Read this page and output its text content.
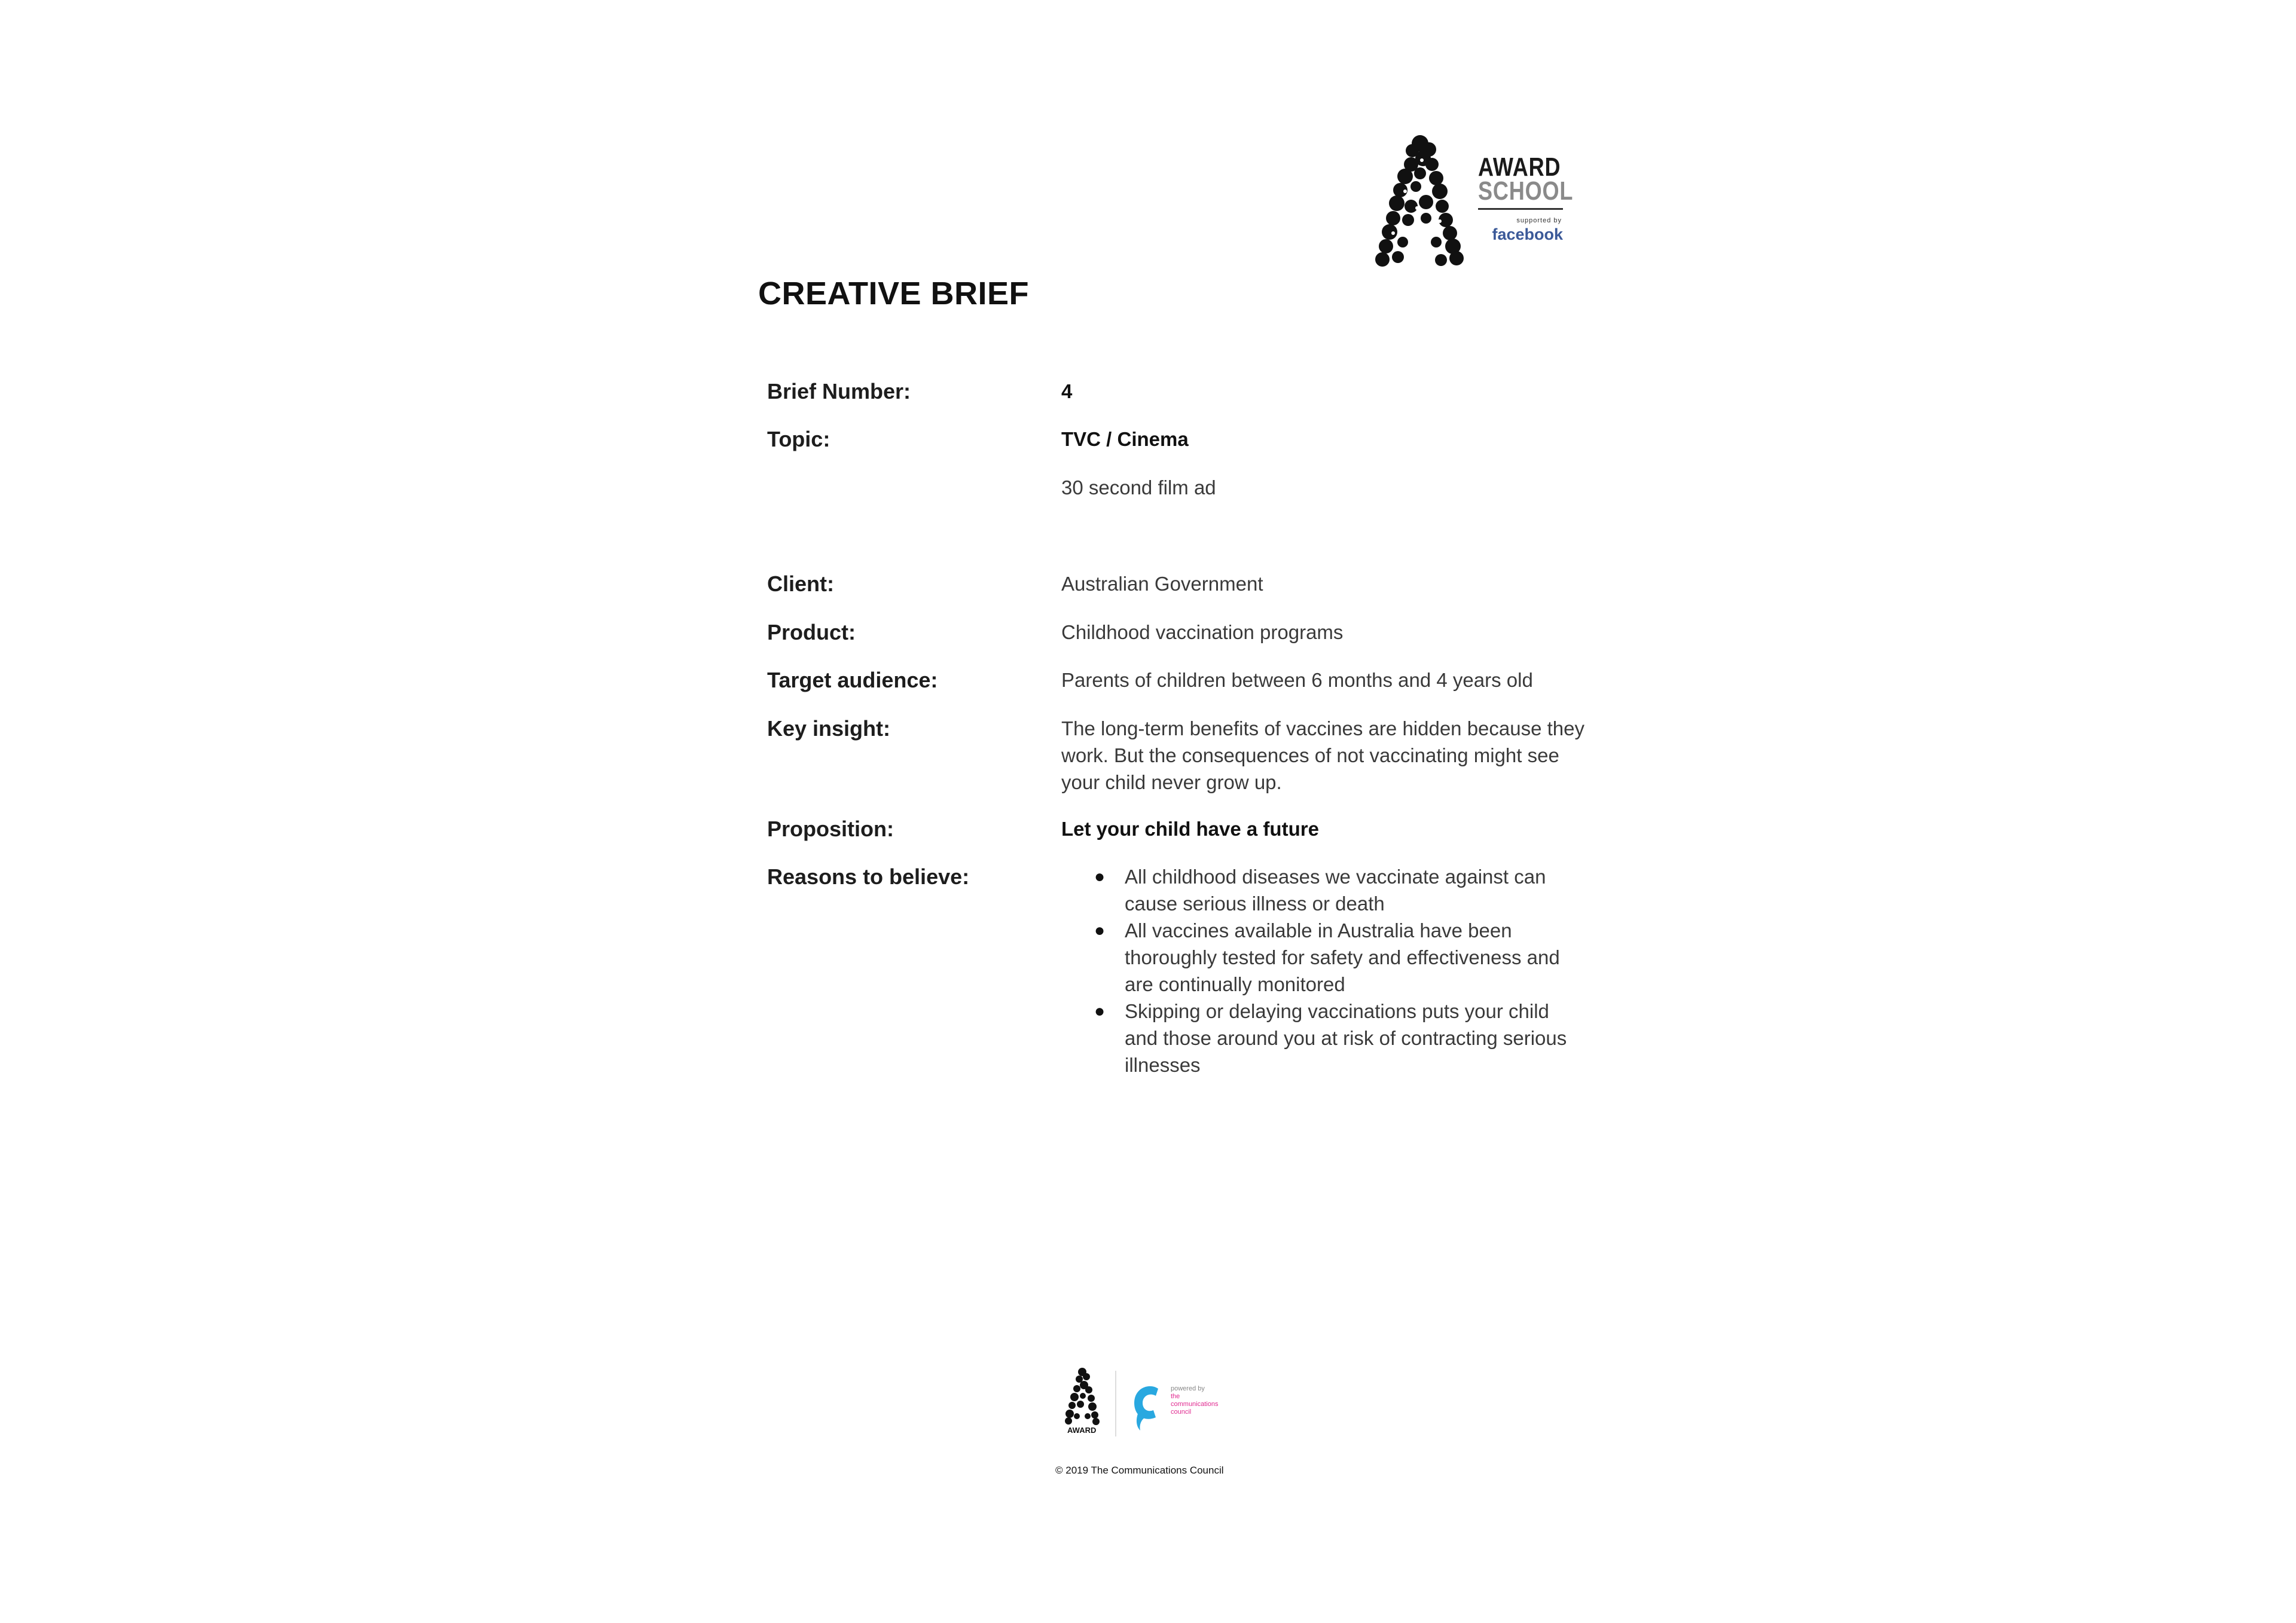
AWARD
SCHOOL
supported by
facebook
CREATIVE BRIEF
Brief Number:	4
Topic:	TVC / Cinema
30 second film ad
Client:	Australian Government
Product:	Childhood vaccination programs
Target audience:	Parents of children between 6 months and 4 years old
Key insight:	The long-term benefits of vaccines are hidden because they work. But the consequences of not vaccinating might see your child never grow up.
Proposition:	Let your child have a future
Reasons to believe:	● All childhood diseases we vaccinate against can cause serious illness or death
● All vaccines available in Australia have been thoroughly tested for safety and effectiveness and are continually monitored
● Skipping or delaying vaccinations puts your child and those around you at risk of contracting serious illnesses
AWARD
powered by
the
communications
council
© 2019 The Communications Council
